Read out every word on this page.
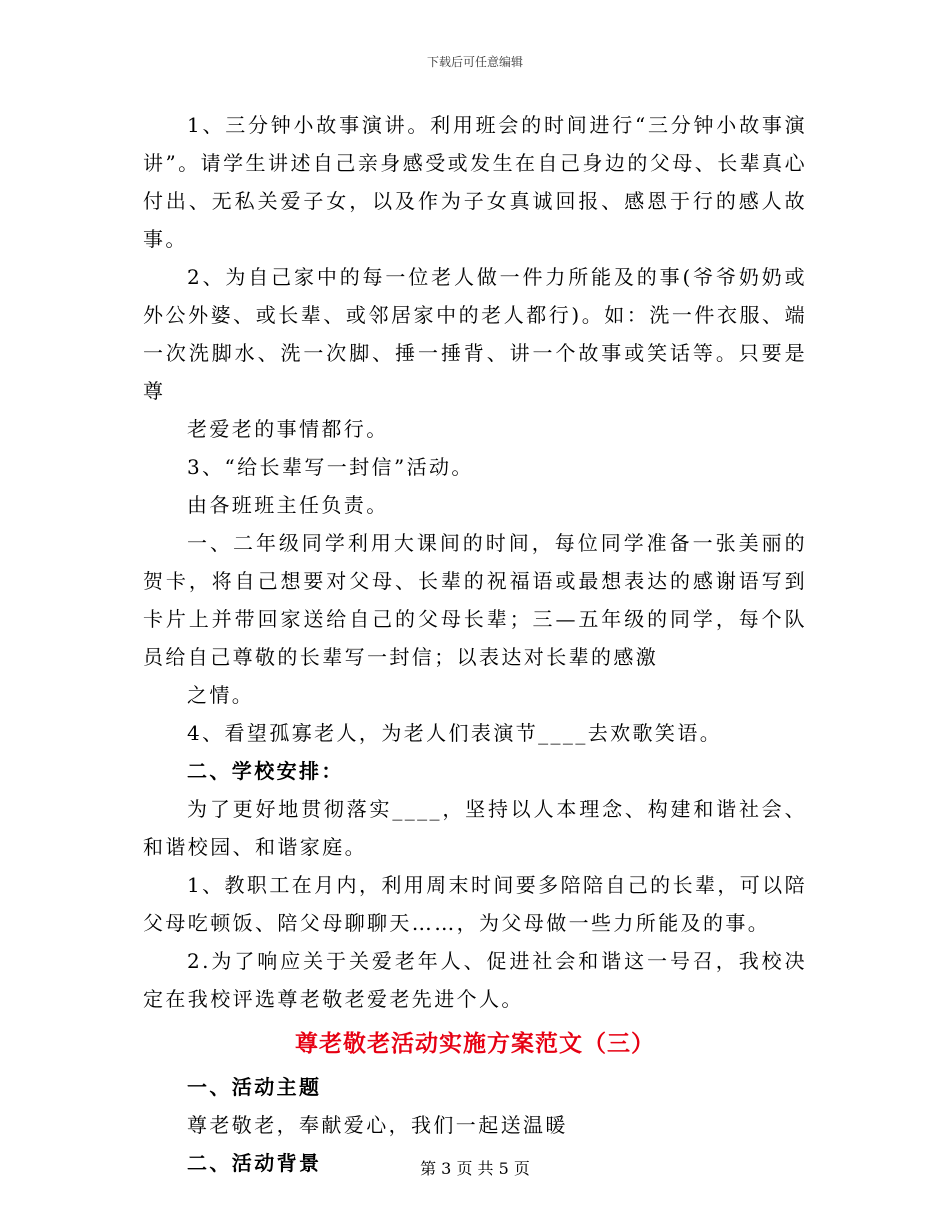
下载后可任意编辑

1、三分钟小故事演讲。利用班会的时间进行“三分钟小故事演讲”。请学生讲述自己亲身感受或发生在自己身边的父母、长辈真心付出、无私关爱子女，以及作为子女真诚回报、感恩于行的感人故事。

2、为自己家中的每一位老人做一件力所能及的事(爷爷奶奶或外公外婆、或长辈、或邻居家中的老人都行)。如：洗一件衣服、端一次洗脚水、洗一次脚、捶一捶背、讲一个故事或笑话等。只要是尊

老爱老的事情都行。

3、“给长辈写一封信”活动。

由各班班主任负责。

一、二年级同学利用大课间的时间，每位同学准备一张美丽的贺卡，将自己想要对父母、长辈的祝福语或最想表达的感谢语写到卡片上并带回家送给自己的父母长辈；三—五年级的同学，每个队员给自己尊敬的长辈写一封信；以表达对长辈的感激

之情。

4、看望孤寡老人，为老人们表演节____去欢歌笑语。

二、学校安排：

为了更好地贯彻落实____，坚持以人本理念、构建和谐社会、和谐校园、和谐家庭。

1、教职工在月内，利用周末时间要多陪陪自己的长辈，可以陪父母吃顿饭、陪父母聊聊天……，为父母做一些力所能及的事。

2.为了响应关于关爱老年人、促进社会和谐这一号召，我校决定在我校评选尊老敬老爱老先进个人。

尊老敬老活动实施方案范文（三）

一、活动主题

尊老敬老，奉献爱心，我们一起送温暖

二、活动背景	第 3 页 共 5 页
